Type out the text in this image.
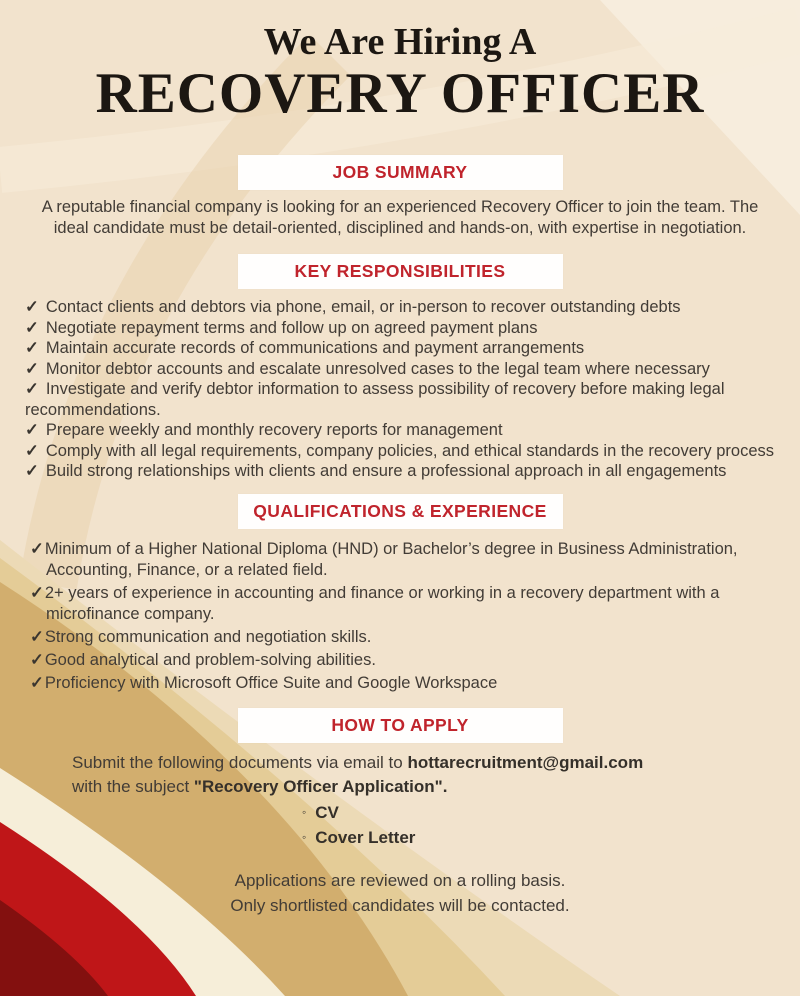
We Are Hiring A
RECOVERY OFFICER
JOB SUMMARY

A reputable financial company is looking for an experienced Recovery Officer to join the team. The ideal candidate must be detail-oriented, disciplined and hands-on, with expertise in negotiation.

KEY RESPONSIBILITIES
✓ Contact clients and debtors via phone, email, or in-person to recover outstanding debts
✓ Negotiate repayment terms and follow up on agreed payment plans
✓ Maintain accurate records of communications and payment arrangements
✓ Monitor debtor accounts and escalate unresolved cases to the legal team where necessary
✓ Investigate and verify debtor information to assess possibility of recovery before making legal recommendations.
✓ Prepare weekly and monthly recovery reports for management
✓ Comply with all legal requirements, company policies, and ethical standards in the recovery process
✓ Build strong relationships with clients and ensure a professional approach in all engagements
QUALIFICATIONS & EXPERIENCE
✓Minimum of a Higher National Diploma (HND) or Bachelor’s degree in Business Administration, Accounting, Finance, or a related field.
✓2+ years of experience in accounting and finance or working in a recovery department with a microfinance company.
✓Strong communication and negotiation skills.
✓Good analytical and problem-solving abilities.
✓Proficiency with Microsoft Office Suite and Google Workspace
HOW TO APPLY

Submit the following documents via email to hottarecruitment@gmail.com

with the subject "Recovery Officer Application".

◦ CV
◦ Cover Letter

Applications are reviewed on a rolling basis.

Only shortlisted candidates will be contacted.
